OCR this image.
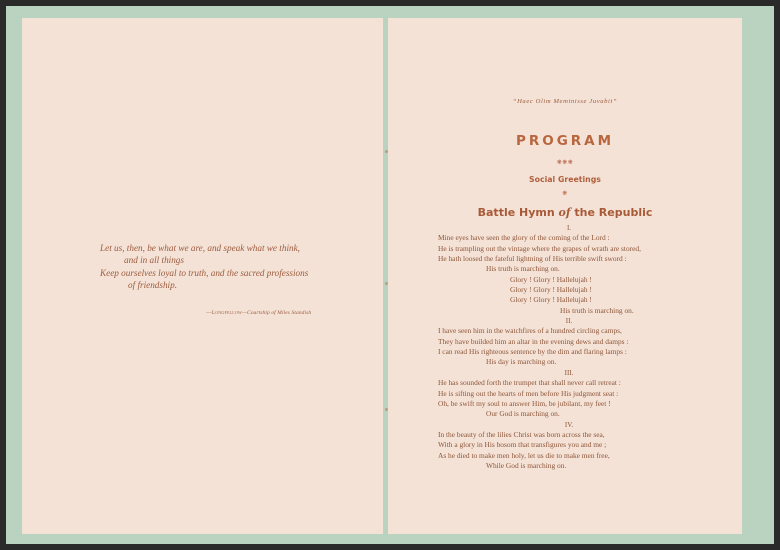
Let us, then, be what we are, and speak what we think,
and in all things
Keep ourselves loyal to truth, and the sacred professions
of friendship.
—Longfellow—Courtship of Miles Standish
“Haec Olim Meminisse Juvabit”
PROGRAM
❋❋❋
Social Greetings
❋
Battle Hymn of the Republic
I.
Mine eyes have seen the glory of the coming of the Lord :
He is trampling out the vintage where the grapes of wrath are stored,
He hath loosed the fateful lightning of His terrible swift sword :
His truth is marching on.
Glory ! Glory ! Hallelujah !
Glory ! Glory ! Hallelujah !
Glory ! Glory ! Hallelujah !
His truth is marching on.
II.
I have seen him in the watchfires of a hundred circling camps,
They have builded him an altar in the evening dews and damps :
I can read His righteous sentence by the dim and flaring lamps :
His day is marching on.
III.
He has sounded forth the trumpet that shall never call retreat :
He is sifting out the hearts of men before His judgment seat :
Oh, be swift my soul to answer Him, be jubilant, my feet !
Our God is marching on.
IV.
In the beauty of the lilies Christ was born across the sea,
With a glory in His bosom that transfigures you and me ;
As he died to make men holy, let us die to make men free,
While God is marching on.
